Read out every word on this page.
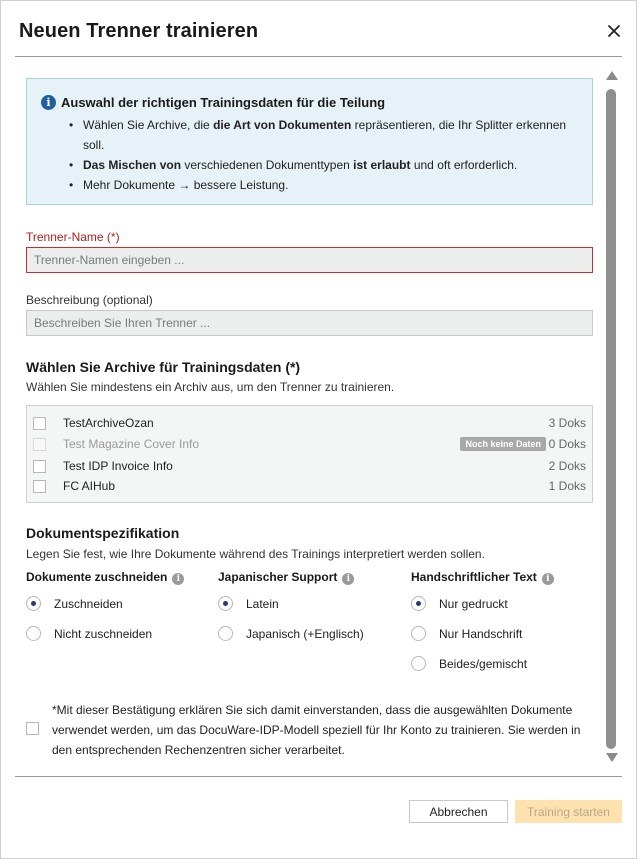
Neuen Trenner trainieren
i Auswahl der richtigen Trainingsdaten für die Teilung
• Wählen Sie Archive, die die Art von Dokumenten repräsentieren, die Ihr Splitter erkennen soll.
• Das Mischen von verschiedenen Dokumenttypen ist erlaubt und oft erforderlich.
• Mehr Dokumente → bessere Leistung.
Trenner-Name (*)
Trenner-Namen eingeben ...
Beschreibung (optional)
Beschreiben Sie Ihren Trenner ...
Wählen Sie Archive für Trainingsdaten (*)
Wählen Sie mindestens ein Archiv aus, um den Trenner zu trainieren.
TestArchiveOzan	3 Doks
Test Magazine Cover Info	Noch keine Daten 0 Doks
Test IDP Invoice Info	2 Doks
FC AIHub	1 Doks
Dokumentspezifikation
Legen Sie fest, wie Ihre Dokumente während des Trainings interpretiert werden sollen.
Dokumente zuschneiden i
Zuschneiden
Nicht zuschneiden
Japanischer Support i
Latein
Japanisch (+Englisch)
Handschriftlicher Text i
Nur gedruckt
Nur Handschrift
Beides/gemischt
*Mit dieser Bestätigung erklären Sie sich damit einverstanden, dass die ausgewählten Dokumente verwendet werden, um das DocuWare-IDP-Modell speziell für Ihr Konto zu trainieren. Sie werden in den entsprechenden Rechenzentren sicher verarbeitet.
Abbrechen	Training starten
